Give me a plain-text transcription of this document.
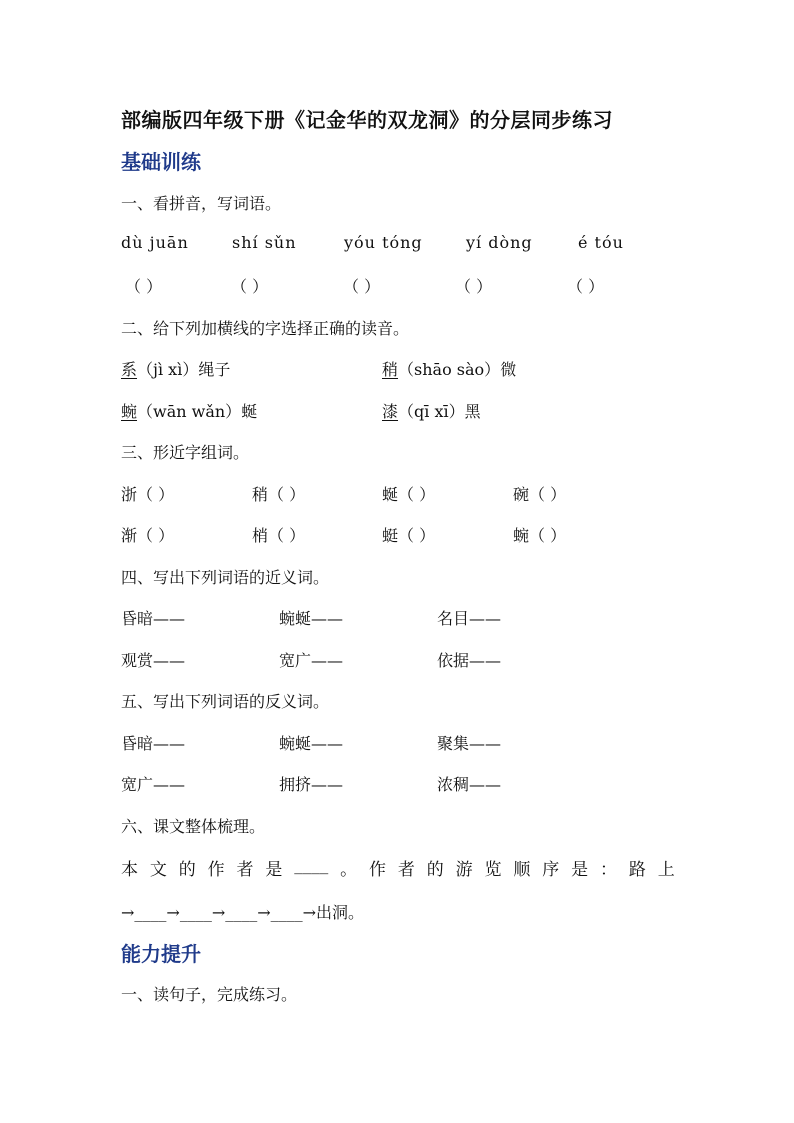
部编版四年级下册《记金华的双龙洞》的分层同步练习
基础训练
一、看拼音，写词语。
dù juān	shí sǔn	yóu tóng	yí dòng	é tóu
（ ）	（ ）	（ ）	（ ）	（ ）
二、给下列加横线的字选择正确的读音。
系（jì xì）绳子	稍（shāo sào）微
蜿（wān wǎn）蜒	漆（qī xī）黑
三、形近字组词。
浙（ ）	稍（ ）	蜒（ ）	碗（ ）
渐（ ）	梢（ ）	蜓（ ）	蜿（ ）
四、写出下列词语的近义词。
昏暗——	蜿蜒——	名目——
观赏——	宽广——	依据——
五、写出下列词语的反义词。
昏暗——	蜿蜒——	聚集——
宽广——	拥挤——	浓稠——
六、课文整体梳理。
本 文 的 作 者 是 ____ 。 作 者 的 游 览 顺 序 是 ： 路 上
→____→____→____→____→出洞。
能力提升
一、读句子，完成练习。
